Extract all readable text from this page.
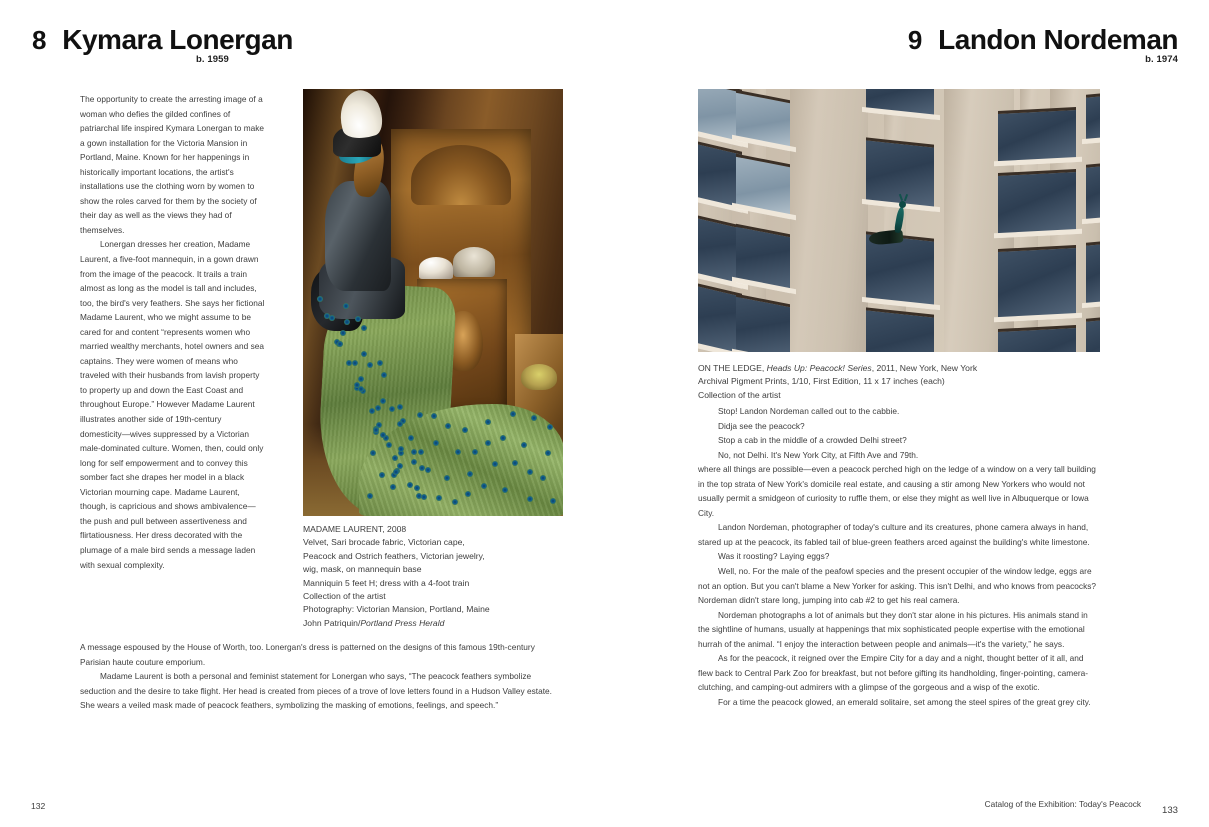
8 Kymara Lonergan
b. 1959

The opportunity to create the arresting image of a woman who defies the gilded confines of patriarchal life inspired Kymara Lonergan to make a gown installation for the Victoria Mansion in Portland, Maine. Known for her happenings in historically important locations, the artist's installations use the clothing worn by women to show the roles carved for them by the society of their day as well as the views they had of themselves.

Lonergan dresses her creation, Madame Laurent, a five-foot mannequin, in a gown drawn from the image of the peacock. It trails a train almost as long as the model is tall and includes, too, the bird's very feathers. She says her fictional Madame Laurent, who we might assume to be cared for and content “represents women who married wealthy merchants, hotel owners and sea captains. They were women of means who traveled with their husbands from lavish property to property up and down the East Coast and throughout Europe.” However Madame Laurent illustrates another side of 19th-century domesticity—wives suppressed by a Victorian male-dominated culture. Women, then, could only long for self empowerment and to convey this somber fact she drapes her model in a black Victorian mourning cape. Madame Laurent, though, is capricious and shows ambivalence—the push and pull between assertiveness and flirtatiousness. Her dress decorated with the plumage of a male bird sends a message laden with sexual complexity.

A message espoused by the House of Worth, too. Lonergan's dress is patterned on the designs of this famous 19th-century Parisian haute couture emporium.

Madame Laurent is both a personal and feminist statement for Lonergan who says, “The peacock feathers symbolize seduction and the desire to take flight. Her head is created from pieces of a trove of love letters found in a Hudson Valley estate. She wears a veiled mask made of peacock feathers, symbolizing the masking of emotions, feelings, and speech.”

MADAME LAURENT, 2008
Velvet, Sari brocade fabric, Victorian cape,
Peacock and Ostrich feathers, Victorian jewelry,
wig, mask, on mannequin base
Manniquin 5 feet H; dress with a 4-foot train
Collection of the artist
Photography: Victorian Mansion, Portland, Maine
John Patriquin/Portland Press Herald
132
9 Landon Nordeman
b. 1974
ON THE LEDGE, Heads Up: Peacock! Series, 2011, New York, New York
Archival Pigment Prints, 1/10, First Edition, 11 x 17 inches (each)
Collection of the artist

Stop! Landon Nordeman called out to the cabbie.

Didja see the peacock?

Stop a cab in the middle of a crowded Delhi street?

No, not Delhi. It's New York City, at Fifth Ave and 79th.

where all things are possible—even a peacock perched high on the ledge of a window on a very tall building in the top strata of New York's domicile real estate, and causing a stir among New Yorkers who would not usually permit a smidgeon of curiosity to ruffle them, or else they might as well live in Albuquerque or Iowa City.

Landon Nordeman, photographer of today's culture and its creatures, phone camera always in hand, stared up at the peacock, its fabled tail of blue-green feathers arced against the building's white limestone.

Was it roosting? Laying eggs?

Well, no. For the male of the peafowl species and the present occupier of the window ledge, eggs are not an option. But you can't blame a New Yorker for asking. This isn't Delhi, and who knows from peacocks? Nordeman didn't stare long, jumping into cab #2 to get his real camera.

Nordeman photographs a lot of animals but they don't star alone in his pictures. His animals stand in the sightline of humans, usually at happenings that mix sophisticated people expertise with the emotional hurrah of the animal. “I enjoy the interaction between people and animals—it's the variety,” he says.

As for the peacock, it reigned over the Empire City for a day and a night, thought better of it all, and flew back to Central Park Zoo for breakfast, but not before gifting its handholding, finger-pointing, camera-clutching, and camping-out admirers with a glimpse of the gorgeous and a wisp of the exotic.

For a time the peacock glowed, an emerald solitaire, set among the steel spires of the great grey city.

Catalog of the Exhibition: Today's Peacock
133
